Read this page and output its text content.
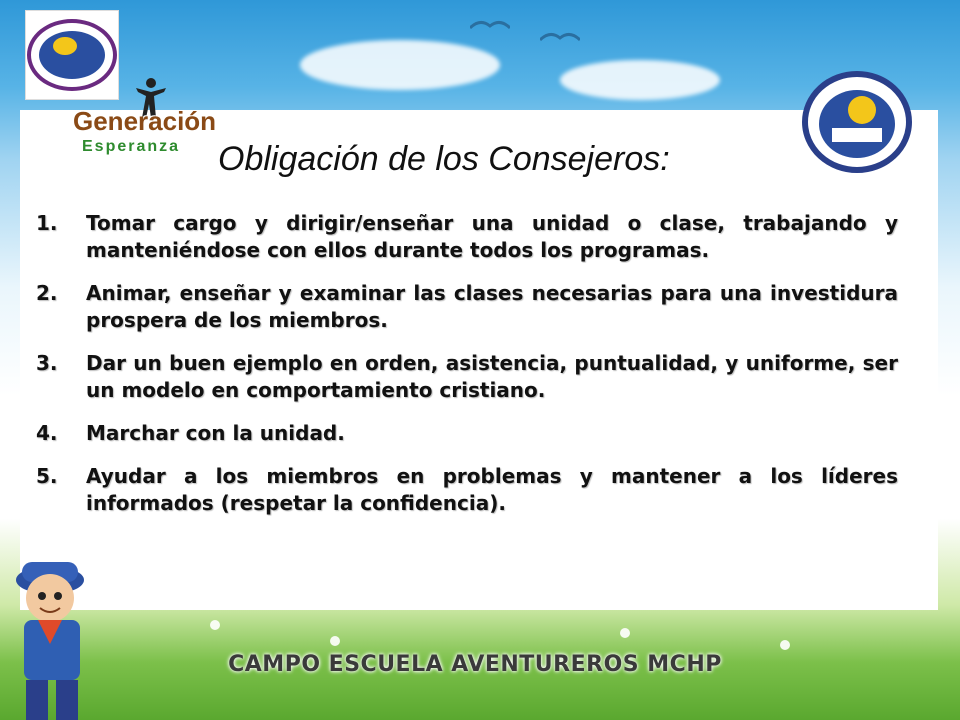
Generación
Esperanza Obligación de los Consejeros:
1.	Tomar cargo y dirigir/enseñar una unidad o clase, trabajando y manteniéndose con ellos durante todos los programas.
2.	Animar, enseñar y examinar las clases necesarias para una investidura prospera de los miembros.
3.	Dar un buen ejemplo en orden, asistencia, puntualidad, y uniforme, ser un modelo en comportamiento cristiano.
4.	Marchar con la unidad.
5.	Ayudar a los miembros en problemas y mantener a los líderes informados (respetar la confidencia).
CAMPO ESCUELA AVENTUREROS MCHP
